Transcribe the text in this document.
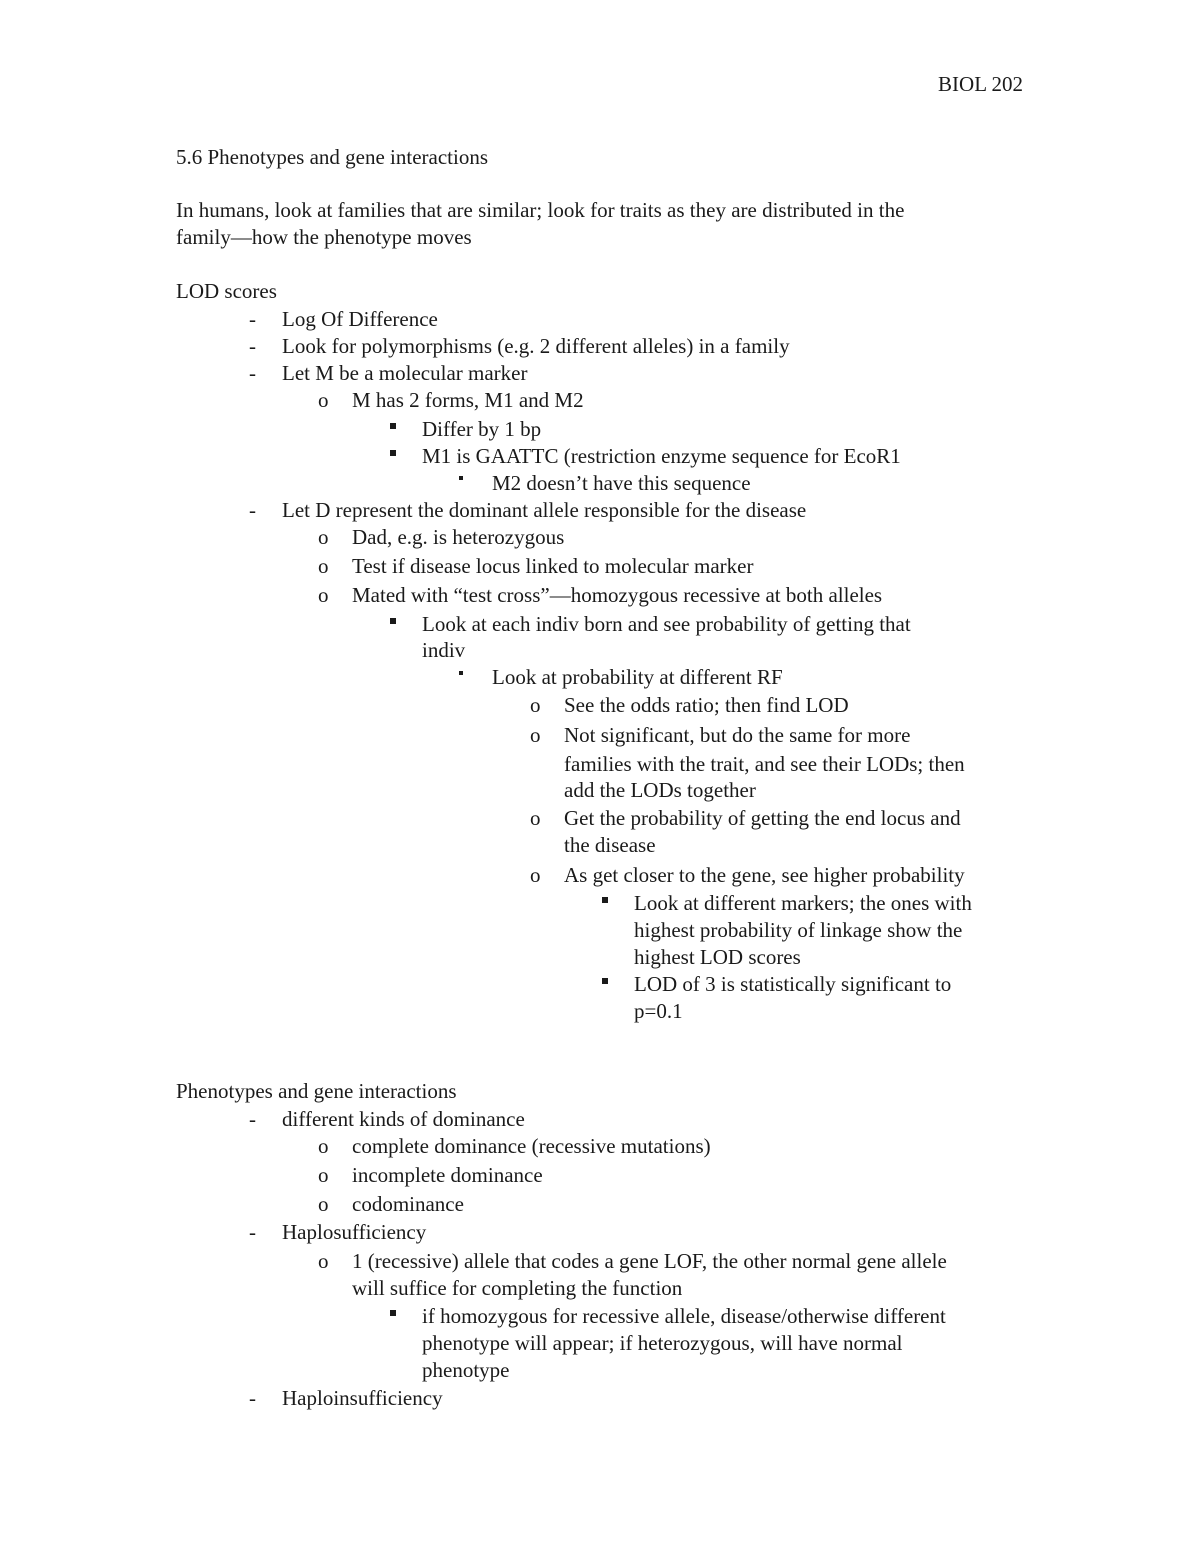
BIOL 202
5.6 Phenotypes and gene interactions
In humans, look at families that are similar; look for traits as they are distributed in the
family—how the phenotype moves
LOD scores
- Log Of Difference
- Look for polymorphisms (e.g. 2 different alleles) in a family
- Let M be a molecular marker
o M has 2 forms, M1 and M2
Differ by 1 bp
M1 is GAATTC (restriction enzyme sequence for EcoR1
M2 doesn’t have this sequence
- Let D represent the dominant allele responsible for the disease
o Dad, e.g. is heterozygous
o Test if disease locus linked to molecular marker
o Mated with “test cross”—homozygous recessive at both alleles
Look at each indiv born and see probability of getting that
indiv
Look at probability at different RF
o See the odds ratio; then find LOD
o Not significant, but do the same for more
families with the trait, and see their LODs; then
add the LODs together
o Get the probability of getting the end locus and
the disease
o As get closer to the gene, see higher probability
Look at different markers; the ones with
highest probability of linkage show the
highest LOD scores
LOD of 3 is statistically significant to
p=0.1
Phenotypes and gene interactions
- different kinds of dominance
o complete dominance (recessive mutations)
o incomplete dominance
o codominance
- Haplosufficiency
o 1 (recessive) allele that codes a gene LOF, the other normal gene allele
will suffice for completing the function
if homozygous for recessive allele, disease/otherwise different
phenotype will appear; if heterozygous, will have normal
phenotype
- Haploinsufficiency
